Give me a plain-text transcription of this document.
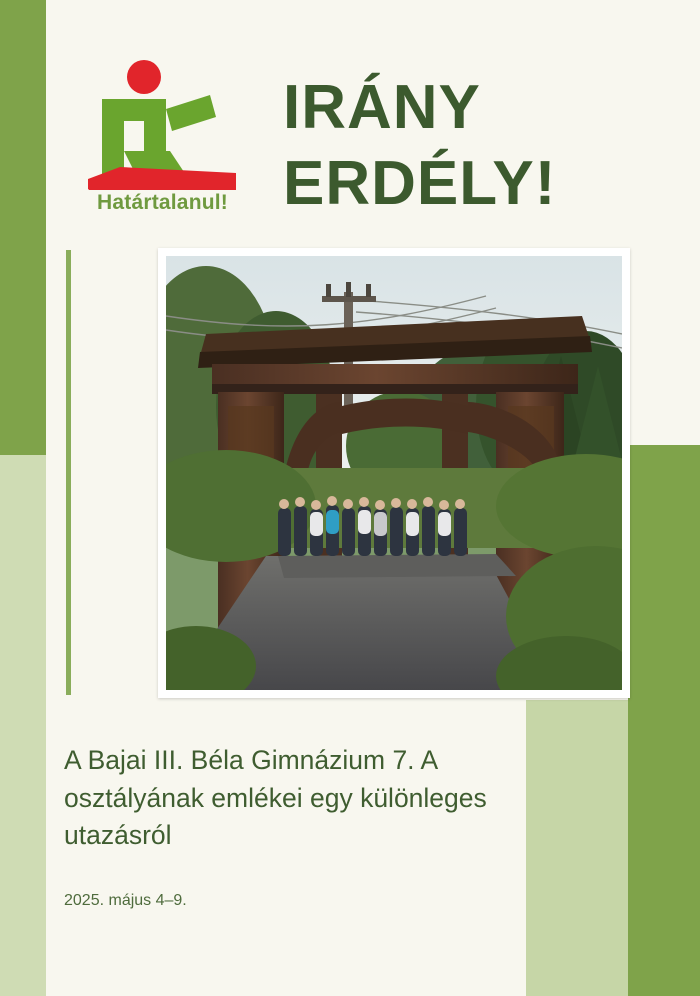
Határtalanul!
IRÁNY
ERDÉLY!
A Bajai III. Béla Gimnázium 7. A osztályának emlékei egy különleges utazásról
2025. május 4–9.
